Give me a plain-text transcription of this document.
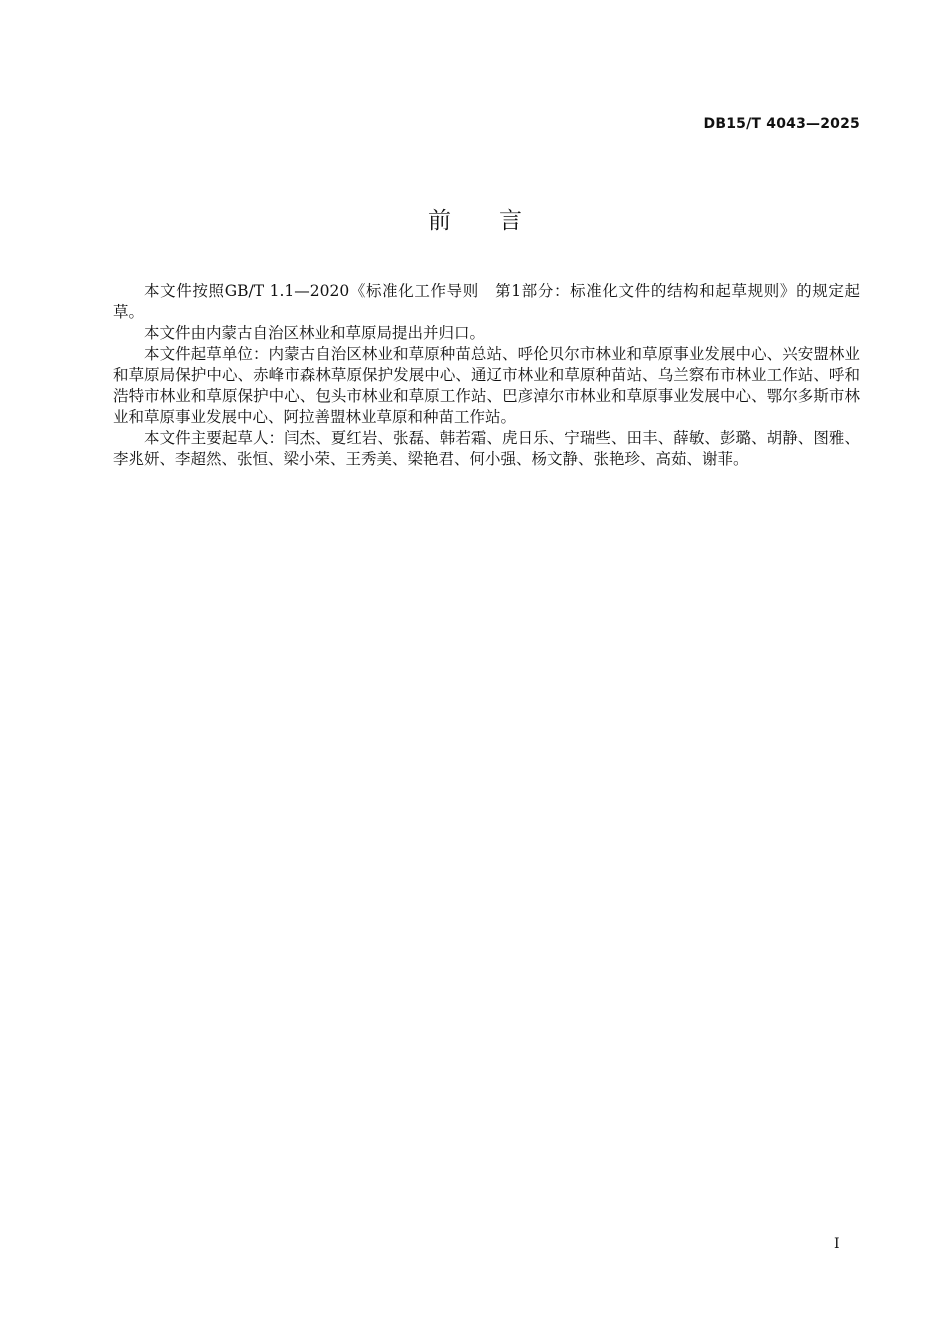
DB15/T 4043—2025
前言

本文件按照GB/T 1.1—2020《标准化工作导则　第1部分：标准化文件的结构和起草规则》的规定起草。

本文件由内蒙古自治区林业和草原局提出并归口。

本文件起草单位：内蒙古自治区林业和草原种苗总站、呼伦贝尔市林业和草原事业发展中心、兴安盟林业和草原局保护中心、赤峰市森林草原保护发展中心、通辽市林业和草原种苗站、乌兰察布市林业工作站、呼和浩特市林业和草原保护中心、包头市林业和草原工作站、巴彦淖尔市林业和草原事业发展中心、鄂尔多斯市林业和草原事业发展中心、阿拉善盟林业草原和种苗工作站。

本文件主要起草人：闫杰、夏红岩、张磊、韩若霜、虎日乐、宁瑞些、田丰、薛敏、彭璐、胡静、图雅、李兆妍、李超然、张恒、梁小荣、王秀美、梁艳君、何小强、杨文静、张艳珍、高茹、谢菲。

I
